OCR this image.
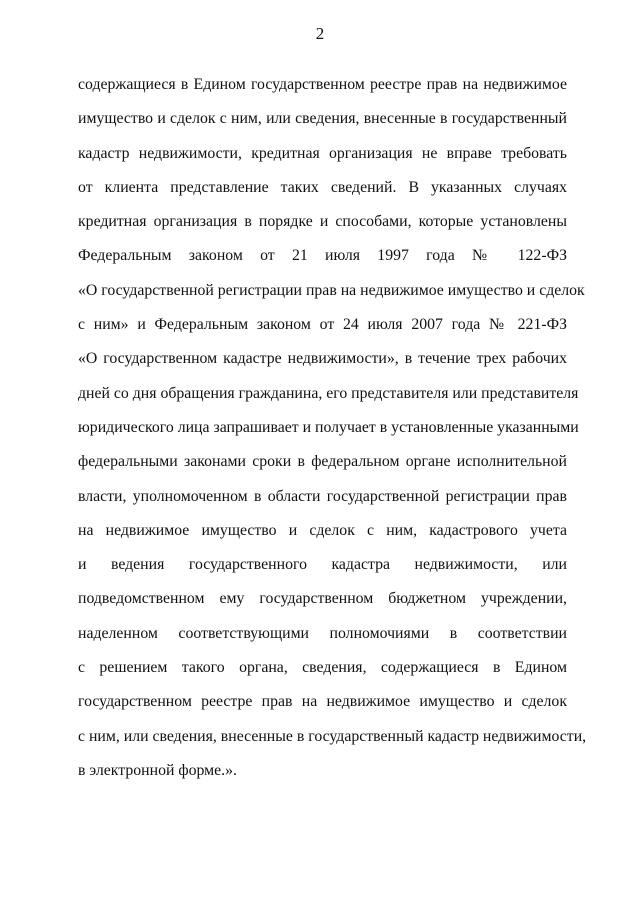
2
содержащиеся в Едином государственном реестре прав на недвижимое
имущество и сделок с ним, или сведения, внесенные в государственный
кадастр недвижимости, кредитная организация не вправе требовать
от клиента представление таких сведений. В указанных случаях
кредитная организация в порядке и способами, которые установлены
Федеральным законом от 21 июля 1997 года № 122-ФЗ
«О государственной регистрации прав на недвижимое имущество и сделок
с ним» и Федеральным законом от 24 июля 2007 года № 221-ФЗ
«О государственном кадастре недвижимости», в течение трех рабочих
дней со дня обращения гражданина, его представителя или представителя
юридического лица запрашивает и получает в установленные указанными
федеральными законами сроки в федеральном органе исполнительной
власти, уполномоченном в области государственной регистрации прав
на недвижимое имущество и сделок с ним, кадастрового учета
и ведения государственного кадастра недвижимости, или
подведомственном ему государственном бюджетном учреждении,
наделенном соответствующими полномочиями в соответствии
с решением такого органа, сведения, содержащиеся в Едином
государственном реестре прав на недвижимое имущество и сделок
с ним, или сведения, внесенные в государственный кадастр недвижимости,
в электронной форме.».
